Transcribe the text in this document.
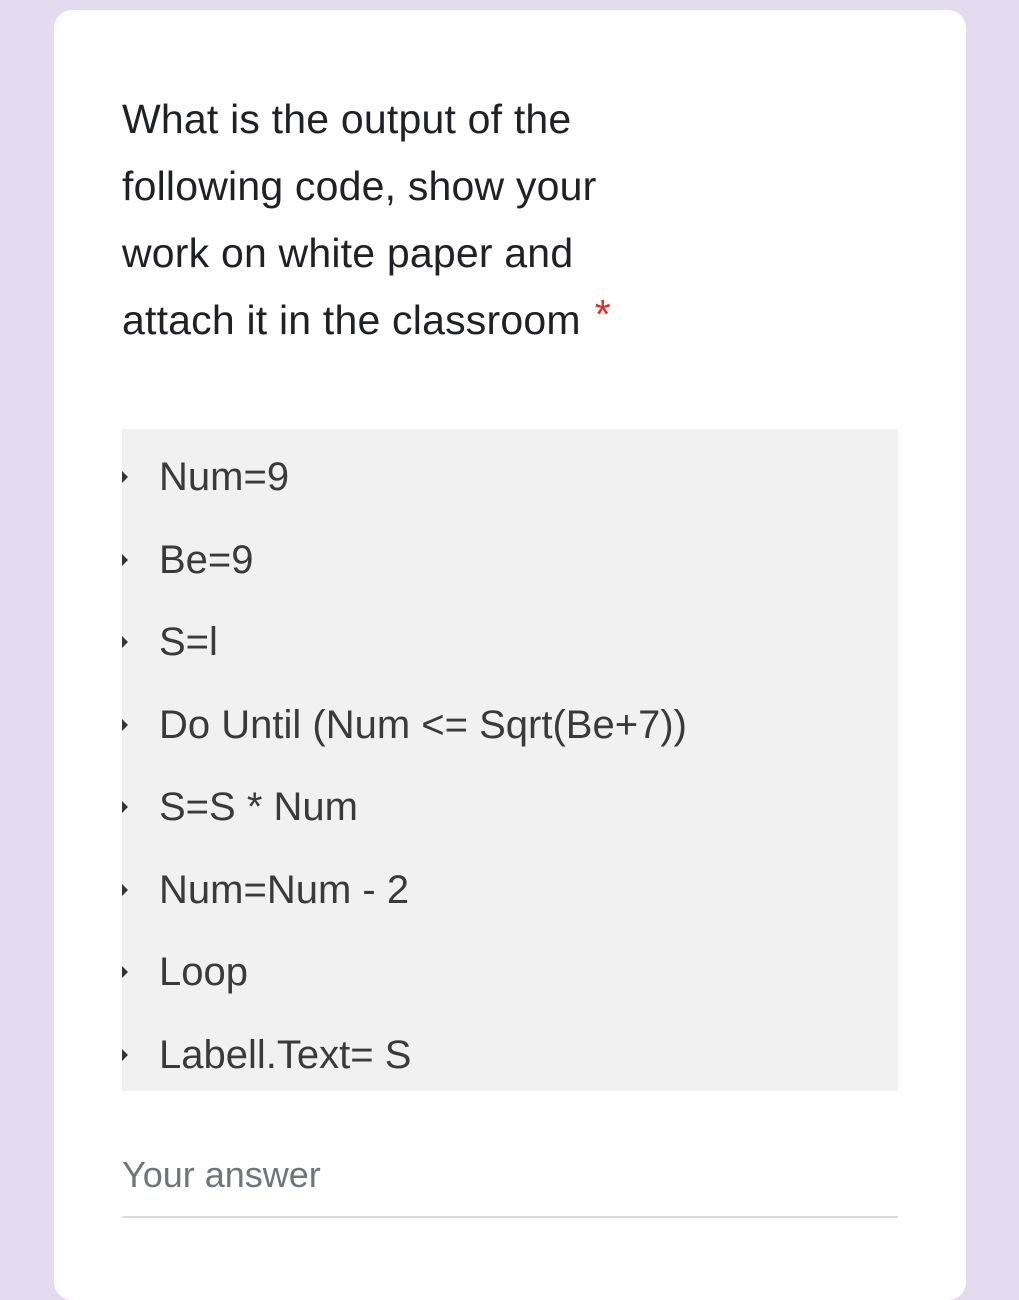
What is the output of the
following code, show your
work on white paper and
attach it in the classroom *
Num=9
Be=9
S=l
Do Until (Num <= Sqrt(Be+7))
S=S * Num
Num=Num - 2
Loop
Labell.Text= S
Your answer
